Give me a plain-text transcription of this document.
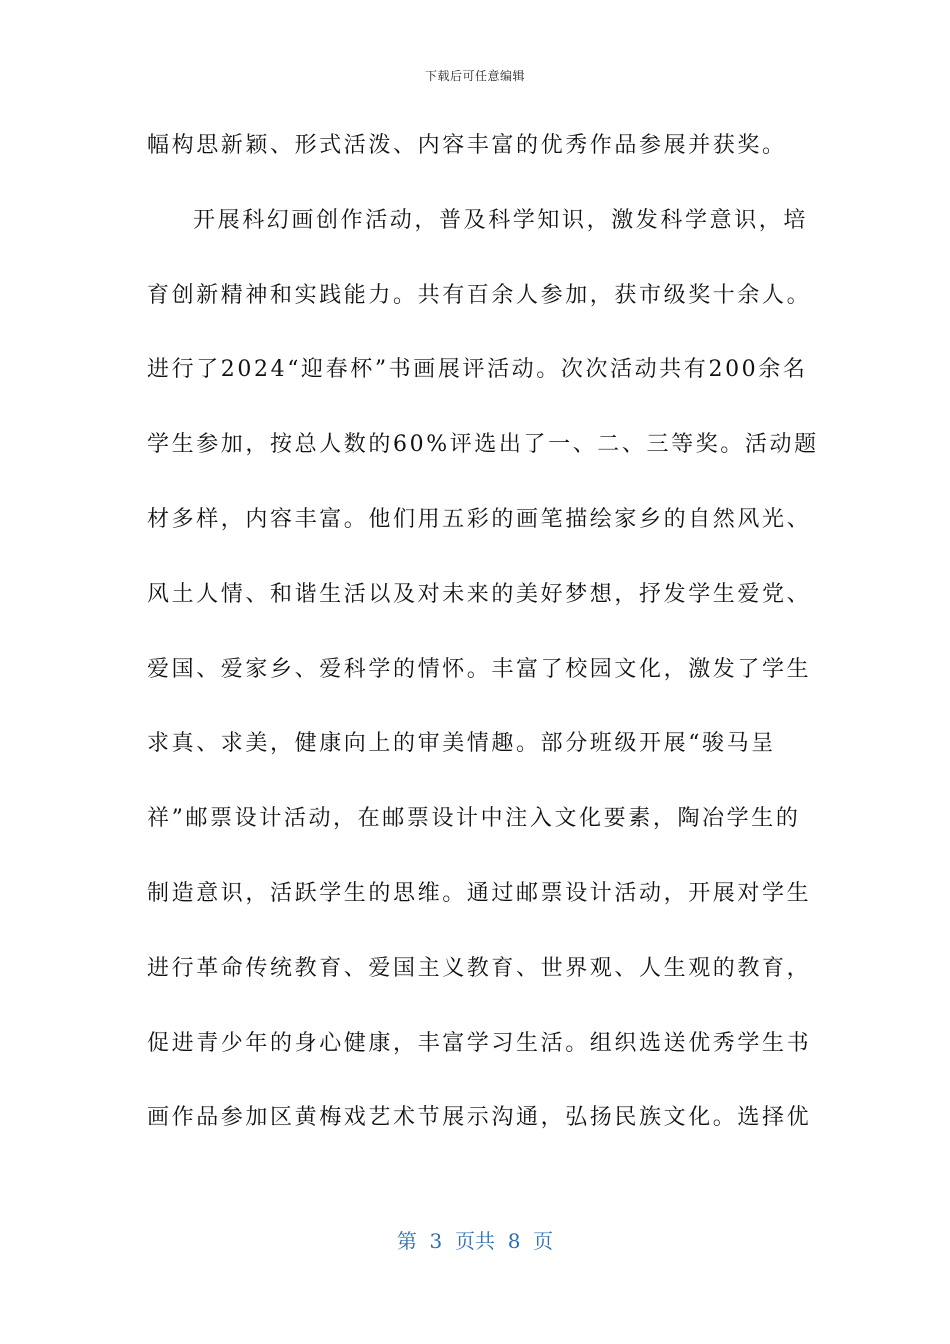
下载后可任意编辑
幅构思新颖、形式活泼、内容丰富的优秀作品参展并获奖。
开展科幻画创作活动，普及科学知识，激发科学意识，培
育创新精神和实践能力。共有百余人参加，获市级奖十余人。
进行了2024“迎春杯”书画展评活动。次次活动共有200余名
学生参加，按总人数的60%评选出了一、二、三等奖。活动题
材多样，内容丰富。他们用五彩的画笔描绘家乡的自然风光、
风土人情、和谐生活以及对未来的美好梦想，抒发学生爱党、
爱国、爱家乡、爱科学的情怀。丰富了校园文化，激发了学生
求真、求美，健康向上的审美情趣。部分班级开展“骏马呈
祥”邮票设计活动，在邮票设计中注入文化要素，陶冶学生的
制造意识，活跃学生的思维。通过邮票设计活动，开展对学生
进行革命传统教育、爱国主义教育、世界观、人生观的教育，
促进青少年的身心健康，丰富学习生活。组织选送优秀学生书
画作品参加区黄梅戏艺术节展示沟通，弘扬民族文化。选择优
第  3  页共  8  页
